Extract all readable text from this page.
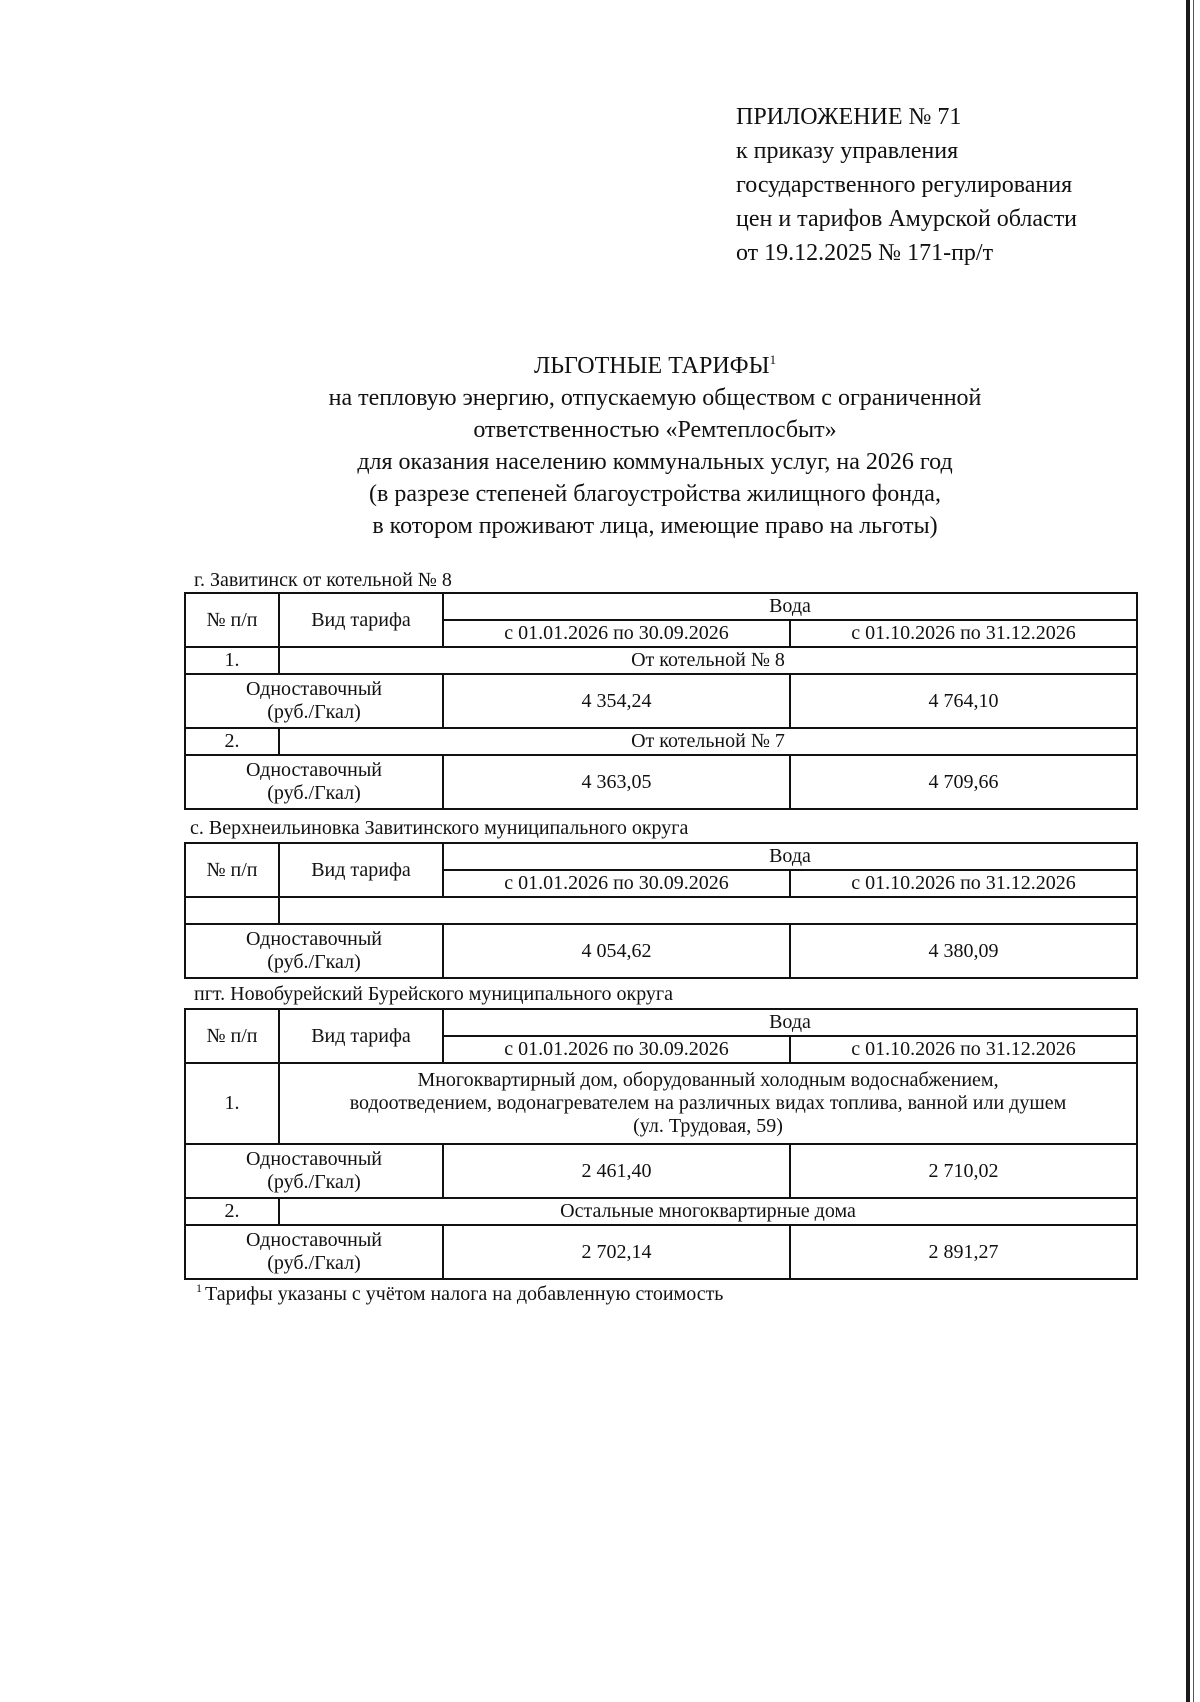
ПРИЛОЖЕНИЕ № 71
к приказу управления
государственного регулирования
цен и тарифов Амурской области
от 19.12.2025 № 171-пр/т
ЛЬГОТНЫЕ ТАРИФЫ$^1$
на тепловую энергию, отпускаемую обществом с ограниченной
ответственностью «Ремтеплосбыт»
для оказания населению коммунальных услуг, на 2026 год
(в разрезе степеней благоустройства жилищного фонда,
в котором проживают лица, имеющие право на льготы)
г. Завитинск от котельной № 8
№ п/п	Вид тарифа	Вода	
		с 01.01.2026 по 30.09.2026	с 01.10.2026 по 31.12.2026
1.	От котельной № 8		

Одноставочный
(руб./Гкал)		4 354,24	4 764,10
2.	От котельной № 7		

Одноставочный
(руб./Гкал)		4 363,05	4 709,66
с. Верхнеильиновка Завитинского муниципального округа
№ п/п	Вид тарифа	Вода	
		с 01.01.2026 по 30.09.2026	с 01.10.2026 по 31.12.2026

Одноставочный
(руб./Гкал)		4 054,62	4 380,09
пгт. Новобурейский Бурейского муниципального округа
№ п/п	Вид тарифа	Вода	
		с 01.01.2026 по 30.09.2026	с 01.10.2026 по 31.12.2026
1.	Многоквартирный дом, оборудованный холодным водоснабжением,
водоотведением, водонагревателем на различных видах топлива, ванной или душем
(ул. Трудовая, 59)		

Одноставочный
(руб./Гкал)		2 461,40	2 710,02
2.	Остальные многоквартирные дома		

Одноставочный
(руб./Гкал)		2 702,14	2 891,27
$^1$ Тарифы указаны с учётом налога на добавленную стоимость
